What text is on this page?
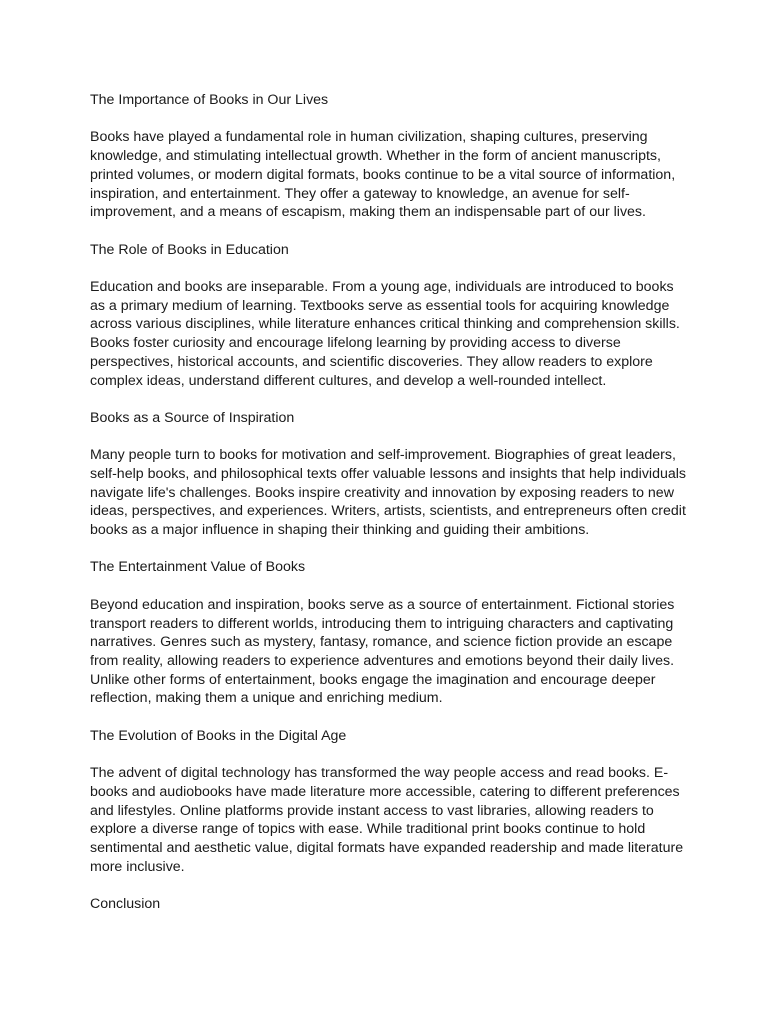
The Importance of Books in Our Lives

Books have played a fundamental role in human civilization, shaping cultures, preserving knowledge, and stimulating intellectual growth. Whether in the form of ancient manuscripts, printed volumes, or modern digital formats, books continue to be a vital source of information, inspiration, and entertainment. They offer a gateway to knowledge, an avenue for self-improvement, and a means of escapism, making them an indispensable part of our lives.

The Role of Books in Education

Education and books are inseparable. From a young age, individuals are introduced to books as a primary medium of learning. Textbooks serve as essential tools for acquiring knowledge across various disciplines, while literature enhances critical thinking and comprehension skills. Books foster curiosity and encourage lifelong learning by providing access to diverse perspectives, historical accounts, and scientific discoveries. They allow readers to explore complex ideas, understand different cultures, and develop a well-rounded intellect.

Books as a Source of Inspiration

Many people turn to books for motivation and self-improvement. Biographies of great leaders, self-help books, and philosophical texts offer valuable lessons and insights that help individuals navigate life's challenges. Books inspire creativity and innovation by exposing readers to new ideas, perspectives, and experiences. Writers, artists, scientists, and entrepreneurs often credit books as a major influence in shaping their thinking and guiding their ambitions.

The Entertainment Value of Books

Beyond education and inspiration, books serve as a source of entertainment. Fictional stories transport readers to different worlds, introducing them to intriguing characters and captivating narratives. Genres such as mystery, fantasy, romance, and science fiction provide an escape from reality, allowing readers to experience adventures and emotions beyond their daily lives. Unlike other forms of entertainment, books engage the imagination and encourage deeper reflection, making them a unique and enriching medium.

The Evolution of Books in the Digital Age

The advent of digital technology has transformed the way people access and read books. E-books and audiobooks have made literature more accessible, catering to different preferences and lifestyles. Online platforms provide instant access to vast libraries, allowing readers to explore a diverse range of topics with ease. While traditional print books continue to hold sentimental and aesthetic value, digital formats have expanded readership and made literature more inclusive.

Conclusion
